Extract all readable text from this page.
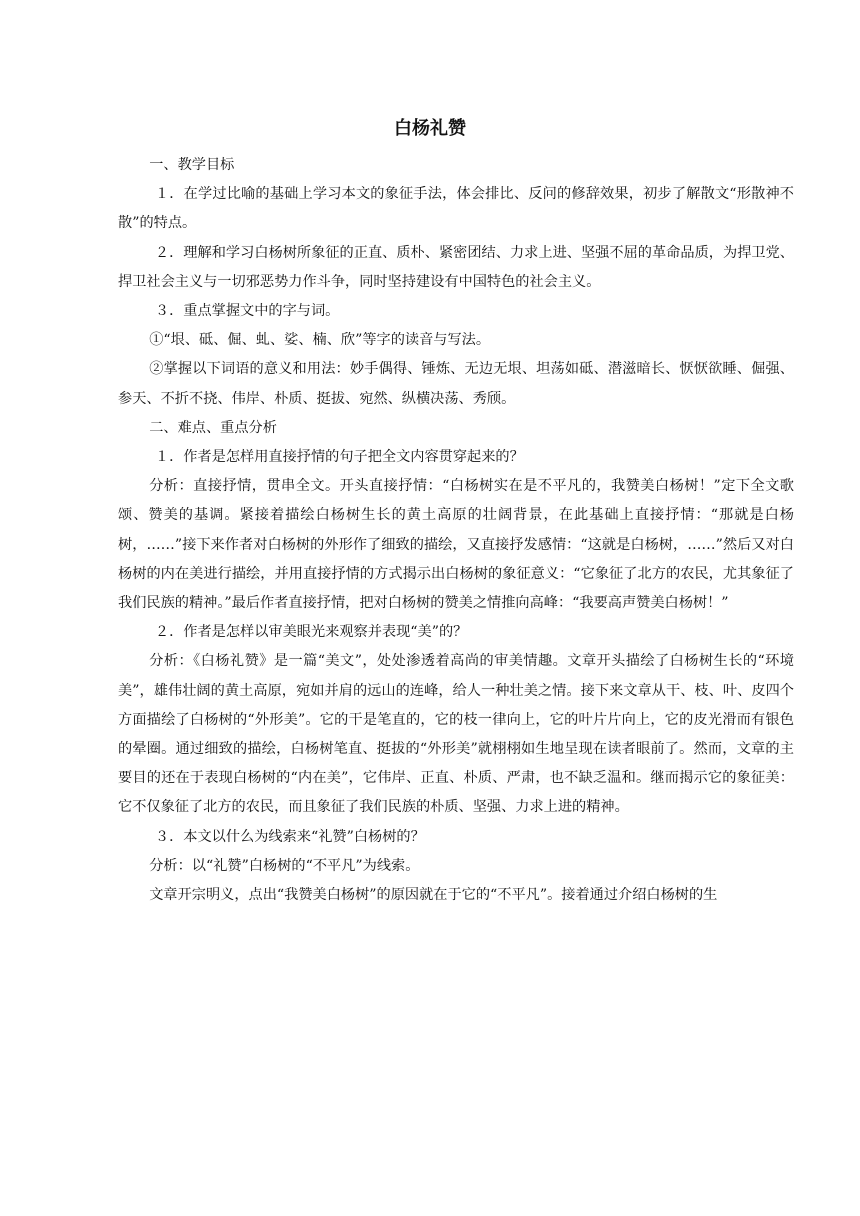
白杨礼赞

一、教学目标

１．在学过比喻的基础上学习本文的象征手法，体会排比、反问的修辞效果，初步了解散文“形散神不散”的特点。

２．理解和学习白杨树所象征的正直、质朴、紧密团结、力求上进、坚强不屈的革命品质，为捍卫党、捍卫社会主义与一切邪恶势力作斗争，同时坚持建设有中国特色的社会主义。

３．重点掌握文中的字与词。

①“垠、砥、倔、虬、娑、楠、欣”等字的读音与写法。

②掌握以下词语的意义和用法：妙手偶得、锤炼、无边无垠、坦荡如砥、潜滋暗长、恹恹欲睡、倔强、参天、不折不挠、伟岸、朴质、挺拔、宛然、纵横决荡、秀颀。

二、难点、重点分析

１．作者是怎样用直接抒情的句子把全文内容贯穿起来的？

分析：直接抒情，贯串全文。开头直接抒情：“白杨树实在是不平凡的，我赞美白杨树！”定下全文歌颂、赞美的基调。紧接着描绘白杨树生长的黄土高原的壮阔背景，在此基础上直接抒情：“那就是白杨树，……”接下来作者对白杨树的外形作了细致的描绘，又直接抒发感情：“这就是白杨树，……”然后又对白杨树的内在美进行描绘，并用直接抒情的方式揭示出白杨树的象征意义：“它象征了北方的农民，尤其象征了我们民族的精神。”最后作者直接抒情，把对白杨树的赞美之情推向高峰：“我要高声赞美白杨树！”

２．作者是怎样以审美眼光来观察并表现“美”的？

分析：《白杨礼赞》是一篇“美文”，处处渗透着高尚的审美情趣。文章开头描绘了白杨树生长的“环境美”，雄伟壮阔的黄土高原，宛如并肩的远山的连峰，给人一种壮美之情。接下来文章从干、枝、叶、皮四个方面描绘了白杨树的“外形美”。它的干是笔直的，它的枝一律向上，它的叶片片向上，它的皮光滑而有银色的晕圈。通过细致的描绘，白杨树笔直、挺拔的“外形美”就栩栩如生地呈现在读者眼前了。然而，文章的主要目的还在于表现白杨树的“内在美”，它伟岸、正直、朴质、严肃，也不缺乏温和。继而揭示它的象征美：它不仅象征了北方的农民，而且象征了我们民族的朴质、坚强、力求上进的精神。

３．本文以什么为线索来“礼赞”白杨树的？

分析：以“礼赞”白杨树的“不平凡”为线索。

文章开宗明义，点出“我赞美白杨树”的原因就在于它的“不平凡”。接着通过介绍白杨树的生
